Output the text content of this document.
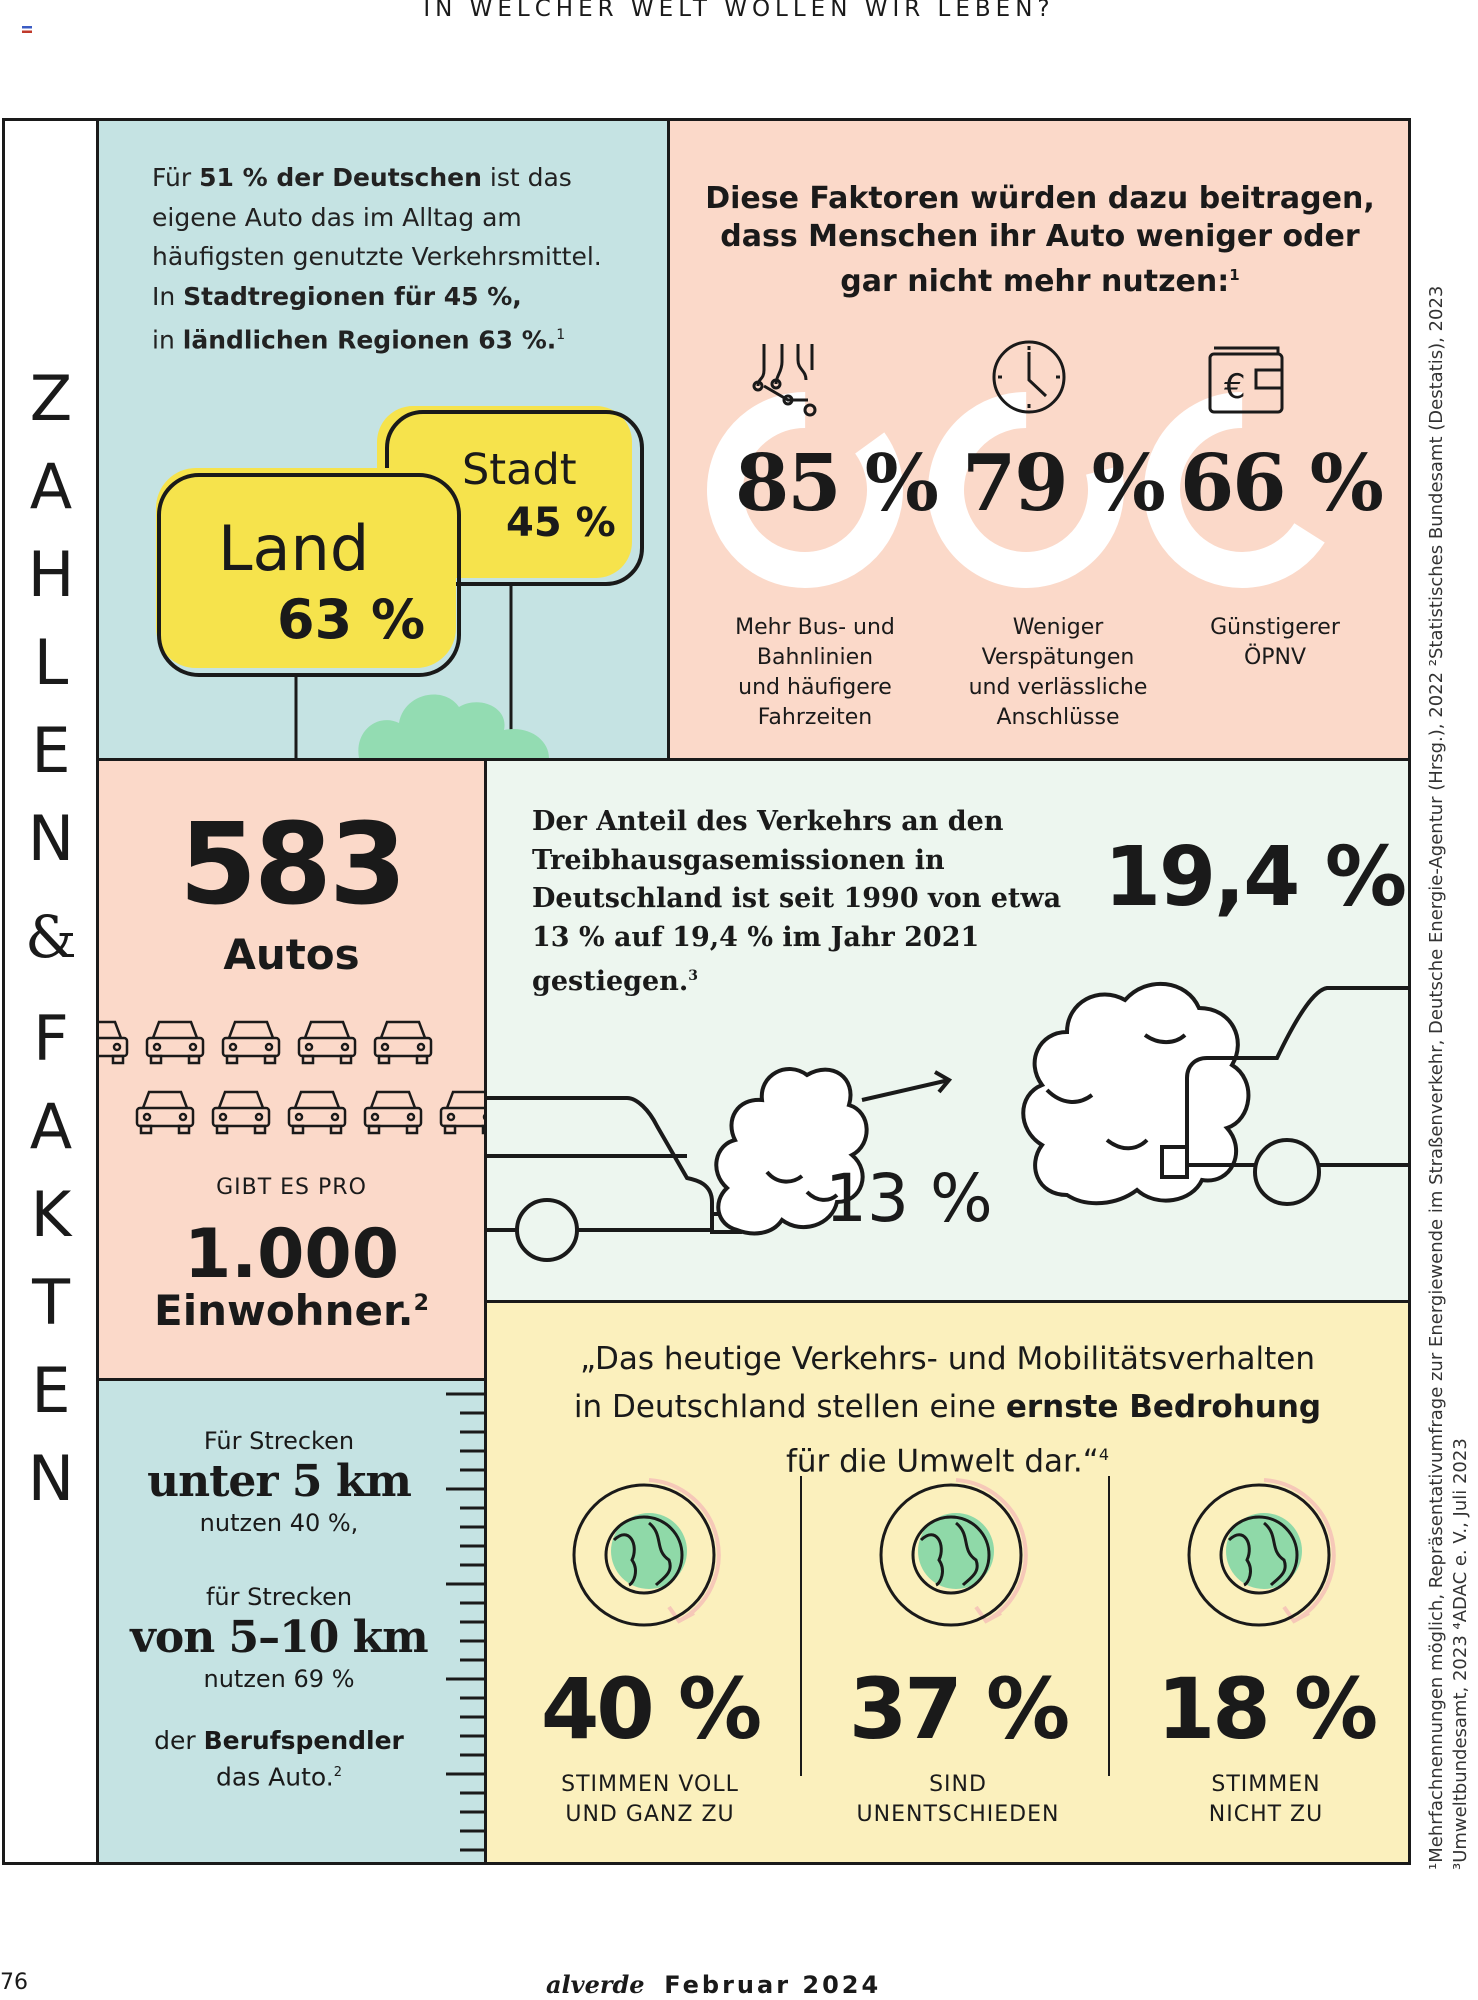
IN WELCHER WELT WOLLEN WIR LEBEN?
Z
A
H
L
E
N
&
F
A
K
T
E
N
Für 51 % der Deutschen ist das
eigene Auto das im Alltag am
häufigsten genutzte Verkehrsmittel.
In Stadtregionen für 45 %,
in ländlichen Regionen 63 %.$^1$
Stadt
45 %
Land
63 %
Diese Faktoren würden dazu beitragen,
dass Menschen ihr Auto weniger oder
gar nicht mehr nutzen:$^1$
€
85 % 79 % 66 %
Mehr Bus- und
Bahnlinien
und häufigere
Fahrzeiten
Weniger
Verspätungen
und verlässliche
Anschlüsse
Günstigerer
ÖPNV
583
Autos
GIBT ES PRO
1.000
Einwohner.$^2$
Der Anteil des Verkehrs an den
Treibhausgasemissionen in
Deutschland ist seit 1990 von etwa
13 % auf 19,4 % im Jahr 2021
gestiegen.$^3$
19,4 %
13 %
Für Strecken
unter 5 km
nutzen 40 %,
für Strecken
von 5–10 km
nutzen 69 %
der Berufspendler
das Auto.$^2$
„Das heutige Verkehrs- und Mobilitätsverhalten
in Deutschland stellen eine ernste Bedrohung
für die Umwelt dar.“$^4$
40 % 37 % 18 %
STIMMEN VOLL
UND GANZ ZU
SIND
UNENTSCHIEDEN
STIMMEN
NICHT ZU	¹Mehrfachnennungen möglich, Repräsentativumfrage zur Energiewende im Straßenverkehr, Deutsche Energie-Agentur (Hrsg.), 2022 ²Statistisches Bundesamt (Destatis), 2023 ³Umweltbundesamt, 2023 ⁴ADAC e. V., Juli 2023
76	alverde Februar 2024
